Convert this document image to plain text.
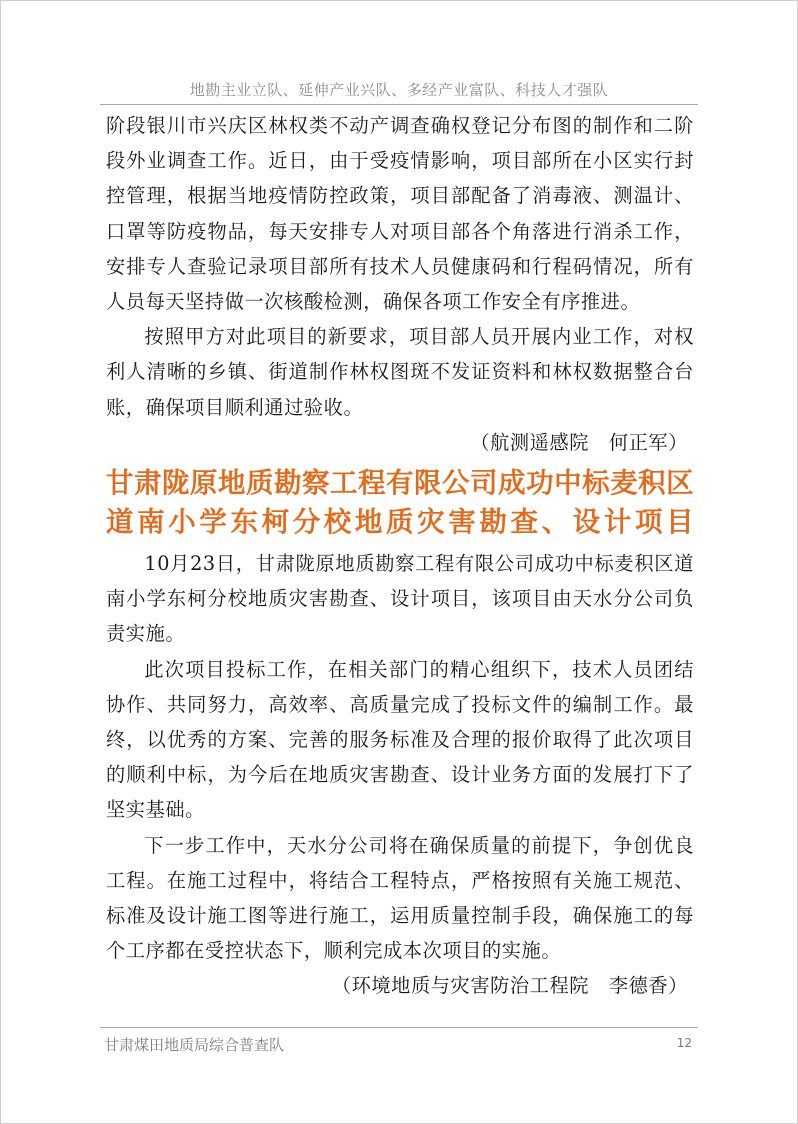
地勘主业立队、延伸产业兴队、多经产业富队、科技人才强队

阶段银川市兴庆区林权类不动产调查确权登记分布图的制作和二阶段外业调查工作。近日，由于受疫情影响，项目部所在小区实行封控管理，根据当地疫情防控政策，项目部配备了消毒液、测温计、口罩等防疫物品，每天安排专人对项目部各个角落进行消杀工作，安排专人查验记录项目部所有技术人员健康码和行程码情况，所有人员每天坚持做一次核酸检测，确保各项工作安全有序推进。

按照甲方对此项目的新要求，项目部人员开展内业工作，对权利人清晰的乡镇、街道制作林权图斑不发证资料和林权数据整合台账，确保项目顺利通过验收。

（航测遥感院　何正军）

甘肃陇原地质勘察工程有限公司成功中标麦积区道南小学东柯分校地质灾害勘查、设计项目

10月23日，甘肃陇原地质勘察工程有限公司成功中标麦积区道南小学东柯分校地质灾害勘查、设计项目，该项目由天水分公司负责实施。

此次项目投标工作，在相关部门的精心组织下，技术人员团结协作、共同努力，高效率、高质量完成了投标文件的编制工作。最终，以优秀的方案、完善的服务标准及合理的报价取得了此次项目的顺利中标，为今后在地质灾害勘查、设计业务方面的发展打下了坚实基础。

下一步工作中，天水分公司将在确保质量的前提下，争创优良工程。在施工过程中，将结合工程特点，严格按照有关施工规范、标准及设计施工图等进行施工，运用质量控制手段，确保施工的每个工序都在受控状态下，顺利完成本次项目的实施。

（环境地质与灾害防治工程院　李德香）

甘肃煤田地质局综合普查队	12
